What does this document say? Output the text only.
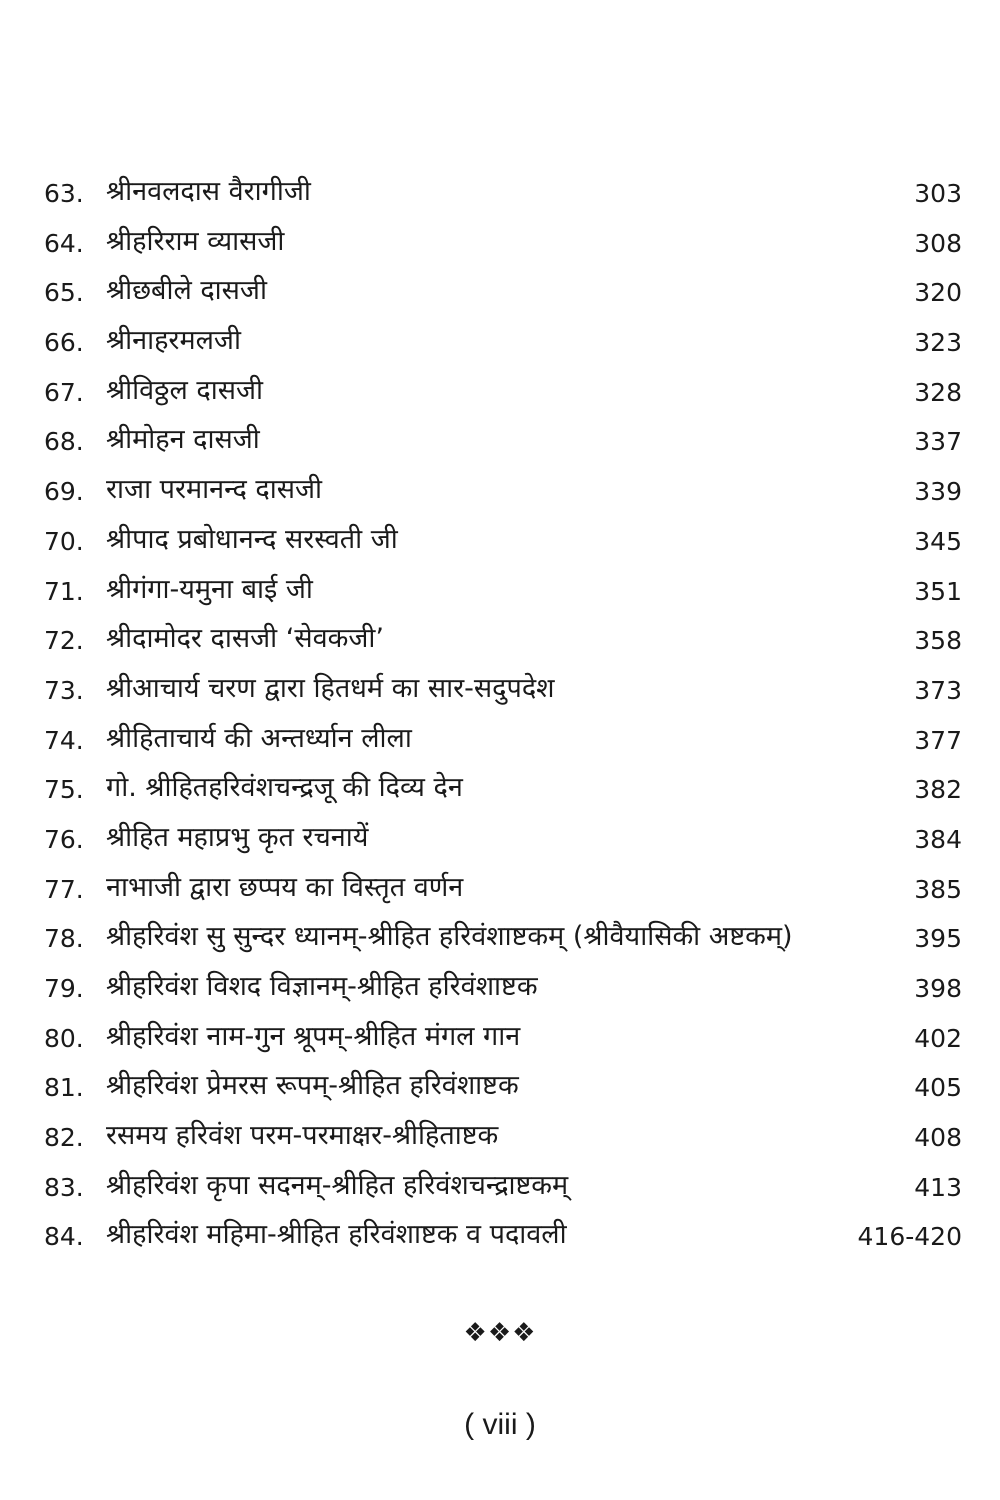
63. श्रीनवलदास वैरागीजी	303
64. श्रीहरिराम व्यासजी	308
65. श्रीछबीले दासजी	320
66. श्रीनाहरमलजी	323
67. श्रीविठ्ठल दासजी	328
68. श्रीमोहन दासजी	337
69. राजा परमानन्द दासजी	339
70. श्रीपाद प्रबोधानन्द सरस्वती जी	345
71. श्रीगंगा-यमुना बाई जी	351
72. श्रीदामोदर दासजी ‘सेवकजी’	358
73. श्रीआचार्य चरण द्वारा हितधर्म का सार-सदुपदेश	373
74. श्रीहिताचार्य की अन्तर्ध्यान लीला	377
75. गो. श्रीहितहरिवंशचन्द्रजू की दिव्य देन	382
76. श्रीहित महाप्रभु कृत रचनायें	384
77. नाभाजी द्वारा छप्पय का विस्तृत वर्णन	385
78. श्रीहरिवंश सु सुन्दर ध्यानम्-श्रीहित हरिवंशाष्टकम् (श्रीवैयासिकी अष्टकम्)	395
79. श्रीहरिवंश विशद विज्ञानम्-श्रीहित हरिवंशाष्टक	398
80. श्रीहरिवंश नाम-गुन श्रूपम्-श्रीहित मंगल गान	402
81. श्रीहरिवंश प्रेमरस रूपम्-श्रीहित हरिवंशाष्टक	405
82. रसमय हरिवंश परम-परमाक्षर-श्रीहिताष्टक	408
83. श्रीहरिवंश कृपा सदनम्-श्रीहित हरिवंशचन्द्राष्टकम्	413
84. श्रीहरिवंश महिमा-श्रीहित हरिवंशाष्टक व पदावली	416-420
❖❖❖
( viii )
